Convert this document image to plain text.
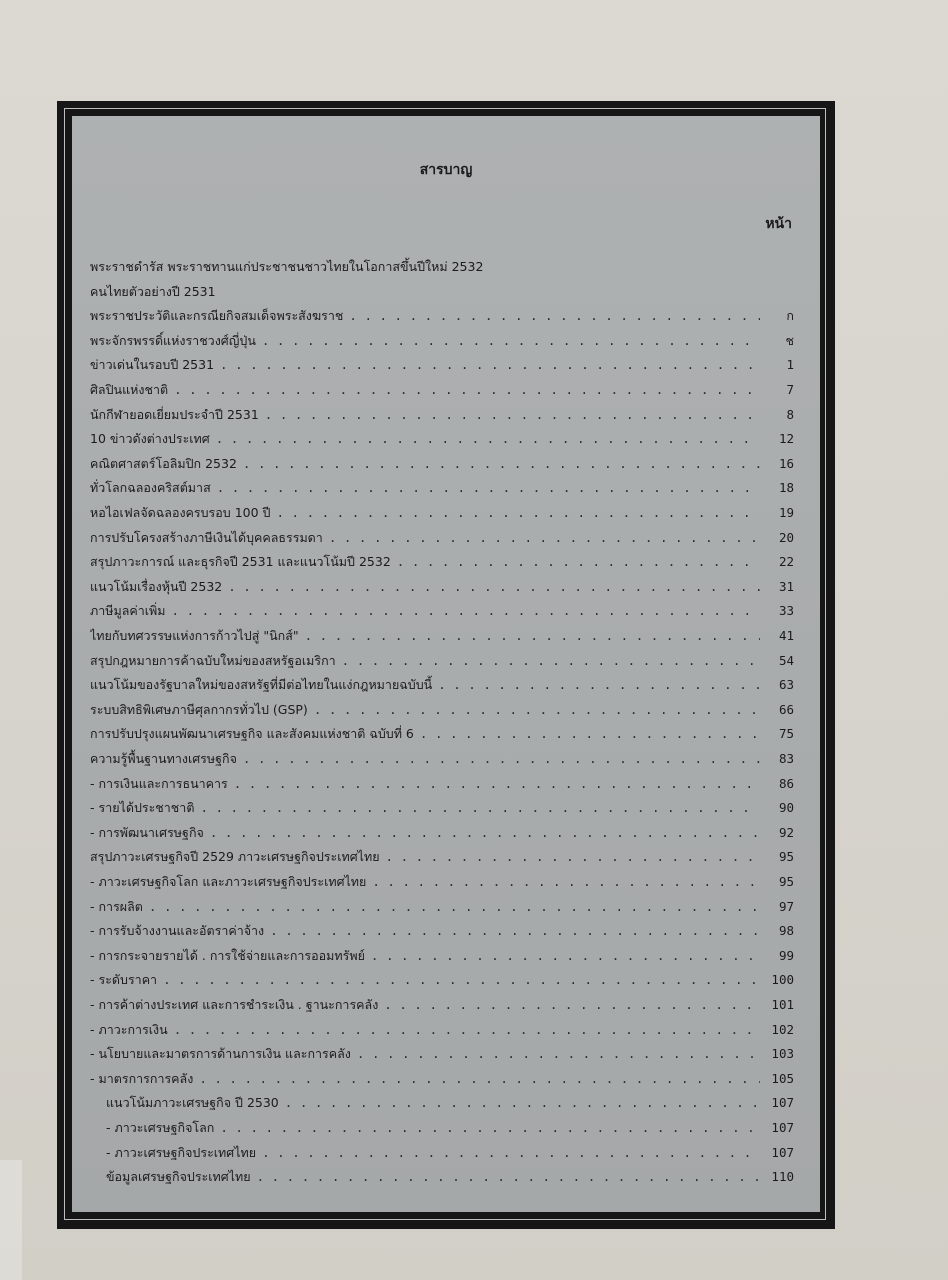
สารบาญ
หน้า
พระราชดำรัส พระราชทานแก่ประชาชนชาวไทยในโอกาสขึ้นปีใหม่ 2532
คนไทยตัวอย่างปี 2531
พระราชประวัติและกรณียกิจสมเด็จพระสังฆราช . . .	ก
พระจักรพรรดิ์แห่งราชวงศ์ญี่ปุ่น . . .	ช
ข่าวเด่นในรอบปี 2531 . . .	1
ศิลปินแห่งชาติ . . .	7
นักกีฬายอดเยี่ยมประจำปี 2531 . . .	8
10 ข่าวดังต่างประเทศ . . .	12
คณิตศาสตร์โอลิมปิก 2532 . . .	16
ทั่วโลกฉลองคริสต์มาส . . .	18
หอไอเฟลจัดฉลองครบรอบ 100 ปี . . .	19
การปรับโครงสร้างภาษีเงินได้บุคคลธรรมดา . . .	20
สรุปภาวะการณ์ และธุรกิจปี 2531 และแนวโน้มปี 2532 . . .	22
แนวโน้มเรื่องหุ้นปี 2532 . . .	31
ภาษีมูลค่าเพิ่ม . . .	33
ไทยกับทศวรรษแห่งการก้าวไปสู่ "นิกส์" . . .	41
สรุปกฎหมายการค้าฉบับใหม่ของสหรัฐอเมริกา . . .	54
แนวโน้มของรัฐบาลใหม่ของสหรัฐที่มีต่อไทยในแง่กฎหมายฉบับนี้ . . .	63
ระบบสิทธิพิเศษภาษีศุลกากรทั่วไป (GSP) . . .	66
การปรับปรุงแผนพัฒนาเศรษฐกิจ และสังคมแห่งชาติ ฉบับที่ 6 . . .	75
ความรู้พื้นฐานทางเศรษฐกิจ . . .	83
- การเงินและการธนาคาร . . .	86
- รายได้ประชาชาติ . . .	90
- การพัฒนาเศรษฐกิจ . . .	92
สรุปภาวะเศรษฐกิจปี 2529 ภาวะเศรษฐกิจประเทศไทย . . .	95
- ภาวะเศรษฐกิจโลก และภาวะเศรษฐกิจประเทศไทย . . .	95
- การผลิต . . .	97
- การรับจ้างงานและอัตราค่าจ้าง . . .	98
- การกระจายรายได้ . การใช้จ่ายและการออมทรัพย์ . . .	99
- ระดับราคา . . .	100
- การค้าต่างประเทศ และการชำระเงิน . ฐานะการคลัง . . .	101
- ภาวะการเงิน . . .	102
- นโยบายและมาตรการด้านการเงิน และการคลัง . . .	103
- มาตรการการคลัง . . .	105
แนวโน้มภาวะเศรษฐกิจ ปี 2530 . . .	107
- ภาวะเศรษฐกิจโลก . . .	107
- ภาวะเศรษฐกิจประเทศไทย . . .	107
ข้อมูลเศรษฐกิจประเทศไทย . . .	110
